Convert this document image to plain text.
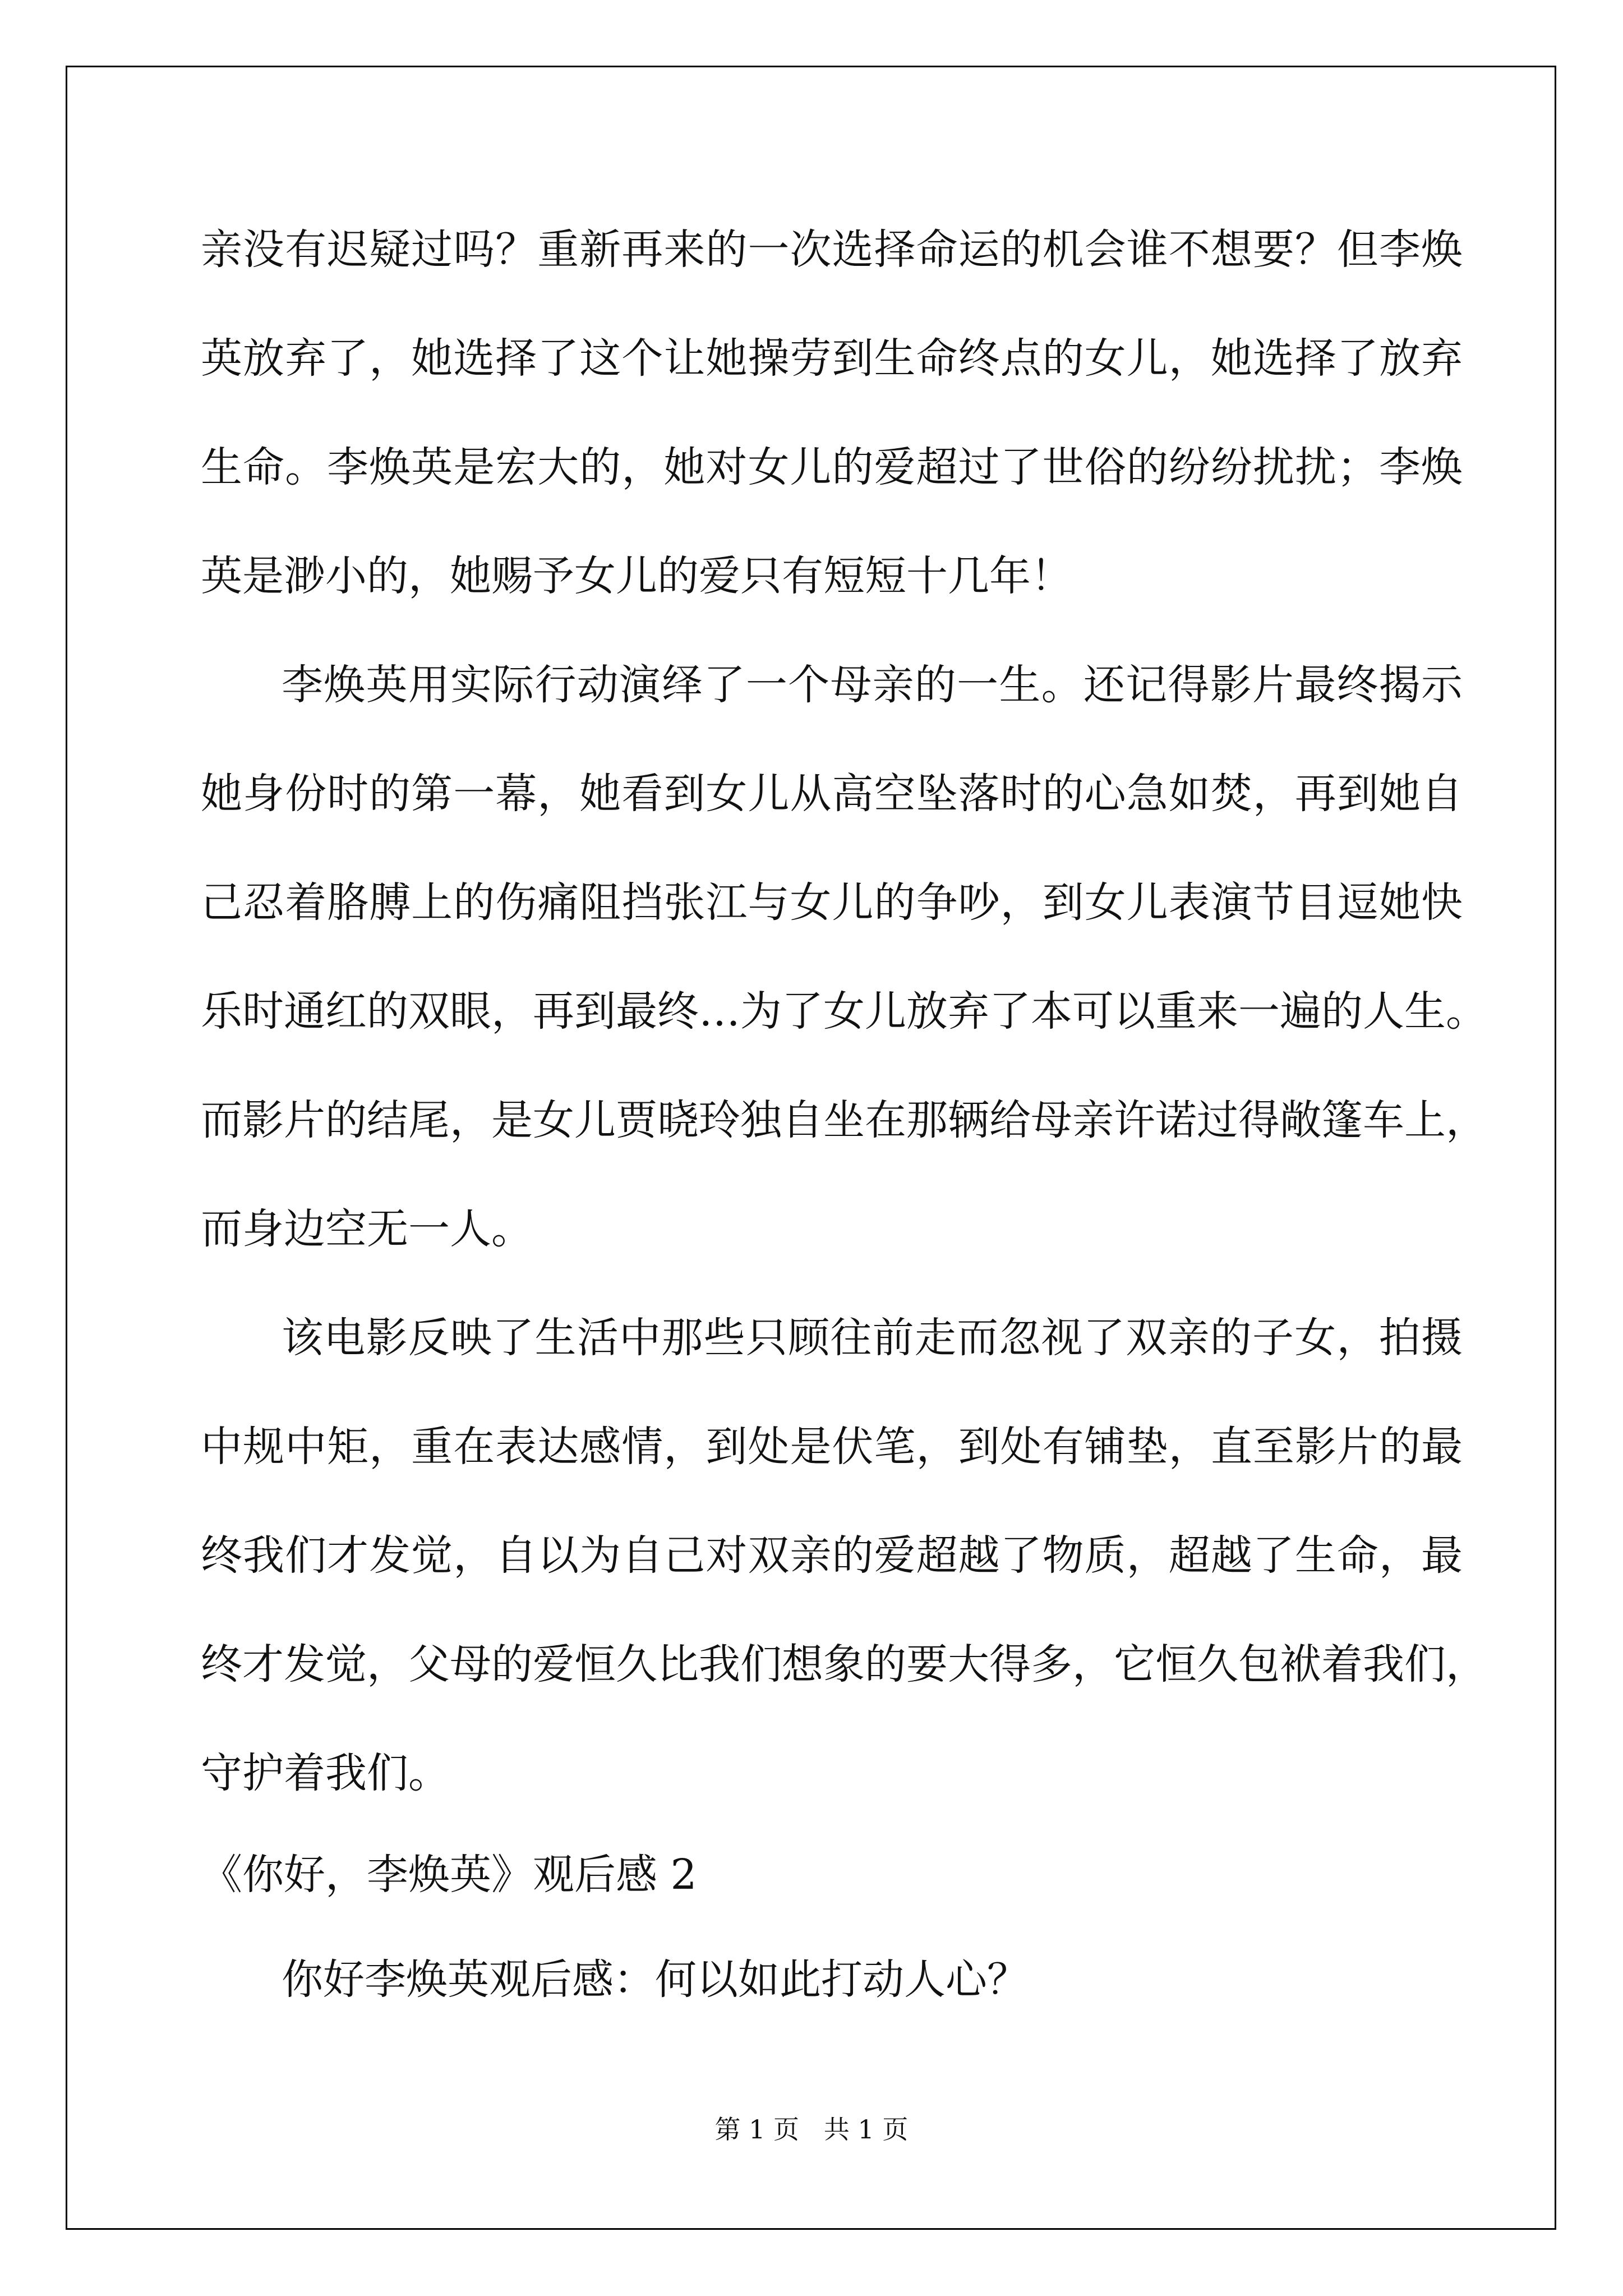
亲没有迟疑过吗？重新再来的一次选择命运的机会谁不想要？但李焕
英放弃了，她选择了这个让她操劳到生命终点的女儿，她选择了放弃
生命。李焕英是宏大的，她对女儿的爱超过了世俗的纷纷扰扰；李焕
英是渺小的，她赐予女儿的爱只有短短十几年！
李焕英用实际行动演绎了一个母亲的一生。还记得影片最终揭示
她身份时的第一幕，她看到女儿从高空坠落时的心急如焚，再到她自
己忍着胳膊上的伤痛阻挡张江与女儿的争吵，到女儿表演节目逗她快
乐时通红的双眼，再到最终…为了女儿放弃了本可以重来一遍的人生。
而影片的结尾，是女儿贾晓玲独自坐在那辆给母亲许诺过得敞篷车上，
而身边空无一人。
该电影反映了生活中那些只顾往前走而忽视了双亲的子女，拍摄
中规中矩，重在表达感情，到处是伏笔，到处有铺垫，直至影片的最
终我们才发觉，自以为自己对双亲的爱超越了物质，超越了生命，最
终才发觉，父母的爱恒久比我们想象的要大得多，它恒久包袱着我们，
守护着我们。
《你好，李焕英》观后感 2
你好李焕英观后感：何以如此打动人心？
第 1 页   共 1 页
